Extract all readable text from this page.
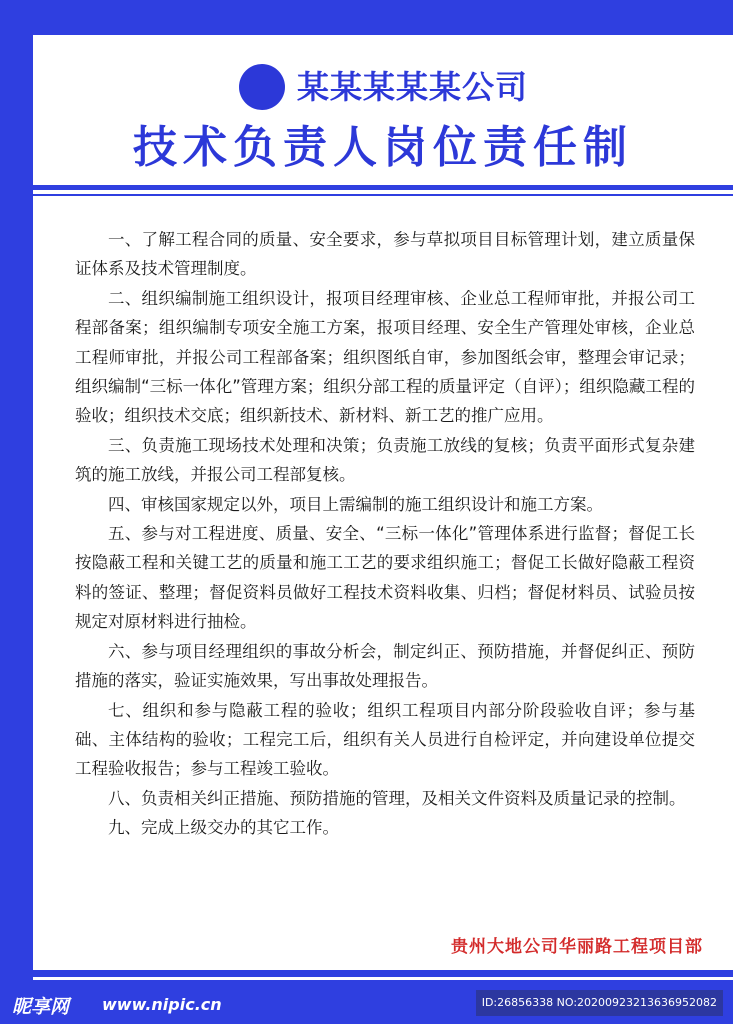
某某某某某公司
技术负责人岗位责任制

一、了解工程合同的质量、安全要求，参与草拟项目目标管理计划，建立质量保证体系及技术管理制度。

二、组织编制施工组织设计，报项目经理审核、企业总工程师审批，并报公司工程部备案；组织编制专项安全施工方案，报项目经理、安全生产管理处审核，企业总工程师审批，并报公司工程部备案；组织图纸自审，参加图纸会审，整理会审记录；组织编制“三标一体化”管理方案；组织分部工程的质量评定（自评）；组织隐藏工程的验收；组织技术交底；组织新技术、新材料、新工艺的推广应用。

三、负责施工现场技术处理和决策；负责施工放线的复核；负责平面形式复杂建筑的施工放线，并报公司工程部复核。

四、审核国家规定以外，项目上需编制的施工组织设计和施工方案。

五、参与对工程进度、质量、安全、“三标一体化”管理体系进行监督；督促工长按隐蔽工程和关键工艺的质量和施工工艺的要求组织施工；督促工长做好隐蔽工程资料的签证、整理；督促资料员做好工程技术资料收集、归档；督促材料员、试验员按规定对原材料进行抽检。

六、参与项目经理组织的事故分析会，制定纠正、预防措施，并督促纠正、预防措施的落实，验证实施效果，写出事故处理报告。

七、组织和参与隐蔽工程的验收；组织工程项目内部分阶段验收自评；参与基础、主体结构的验收；工程完工后，组织有关人员进行自检评定，并向建设单位提交工程验收报告；参与工程竣工验收。

八、负责相关纠正措施、预防措施的管理，及相关文件资料及质量记录的控制。

九、完成上级交办的其它工作。

贵州大地公司华丽路工程项目部
昵享网 www.nipic.cn	ID:26856338 NO:20200923213636952082
